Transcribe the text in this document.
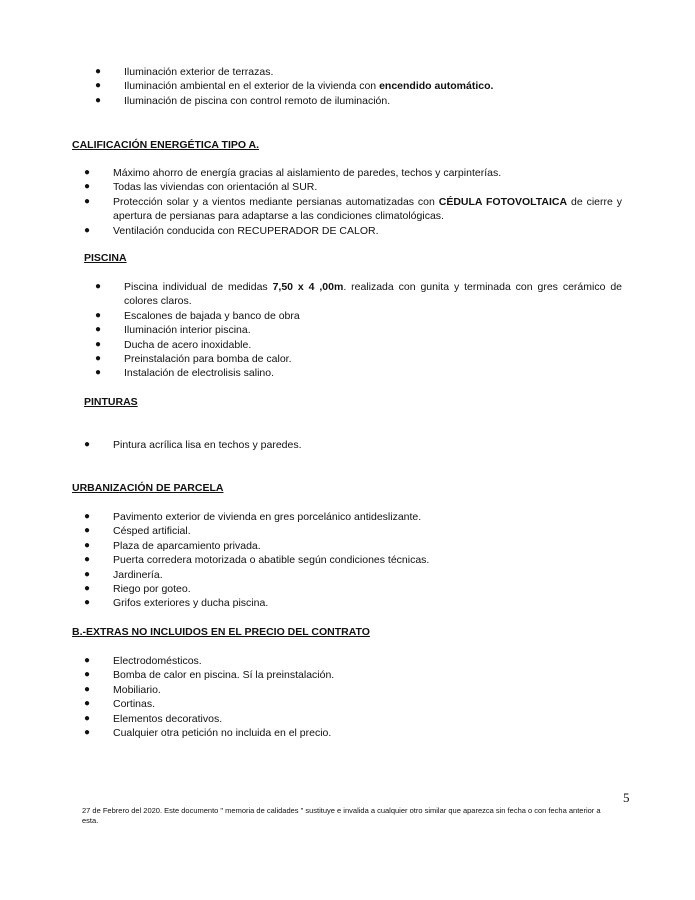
● Iluminación exterior de terrazas.
● Iluminación ambiental en el exterior de la vivienda con encendido automático.
● Iluminación de piscina con control remoto de iluminación.
CALIFICACIÓN ENERGÉTICA TIPO A.
● Máximo ahorro de energía gracias al aislamiento de paredes, techos y carpinterías.
● Todas las viviendas con orientación al SUR.
● Protección solar y a vientos mediante persianas automatizadas con CÉDULA FOTOVOLTAICA de cierre y apertura de persianas para adaptarse a las condiciones climatológicas.
● Ventilación conducida con RECUPERADOR DE CALOR.
PISCINA
● Piscina individual de medidas 7,50 x 4 ,00m. realizada con gunita y terminada con gres cerámico de colores claros.
● Escalones de bajada y banco de obra
● Iluminación interior piscina.
● Ducha de acero inoxidable.
● Preinstalación para bomba de calor.
● Instalación de electrolisis salino.
PINTURAS
● Pintura acrílica lisa en techos y paredes.
URBANIZACIÓN DE PARCELA
● Pavimento exterior de vivienda en gres porcelánico antideslizante.
● Césped artificial.
● Plaza de aparcamiento privada.
● Puerta corredera motorizada o abatible según condiciones técnicas.
● Jardinería.
● Riego por goteo.
● Grifos exteriores y ducha piscina.
B.-EXTRAS NO INCLUIDOS EN EL PRECIO DEL CONTRATO
● Electrodomésticos.
● Bomba de calor en piscina. Sí la preinstalación.
● Mobiliario.
● Cortinas.
● Elementos decorativos.
● Cualquier otra petición no incluida en el precio.
5
27 de Febrero del 2020. Este documento " memoria de calidades " sustituye e invalida a cualquier otro similar que aparezca sin fecha o con fecha anterior a esta.
